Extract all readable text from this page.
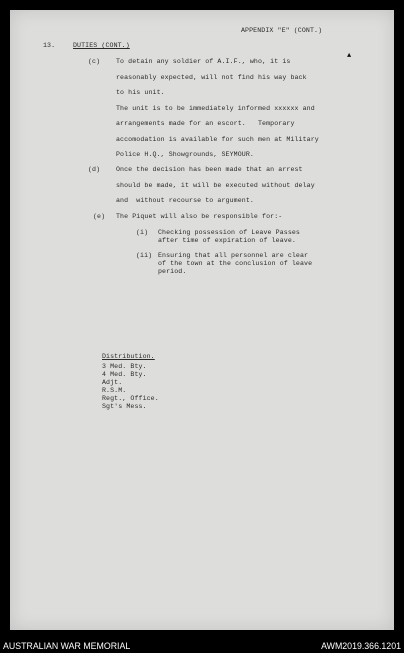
APPENDIX "E" (CONT.)
13.	DUTIES (CONT.)
▲
(c) To detain any soldier of A.I.F., who, it is
reasonably expected, will not find his way back
to his unit.
The unit is to be immediately informed xxxxxx and
arrangements made for an escort.   Temporary
accomodation is available for such men at Military
Police H.Q., Showgrounds, SEYMOUR.
(d) Once the decision has been made that an arrest
should be made, it will be executed without delay
and  without recourse to argument.
(e) The Piquet will also be responsible for:-
(i) Checking possession of Leave Passes
after time of expiration of leave.
(ii) Ensuring that all personnel are clear
of the town at the conclusion of leave
period.
Distribution.
3 Med. Bty.
4 Med. Bty.
Adjt.
R.S.M.
Regt., Office.
Sgt's Mess.
AUSTRALIAN WAR MEMORIAL	AWM2019.366.1201
